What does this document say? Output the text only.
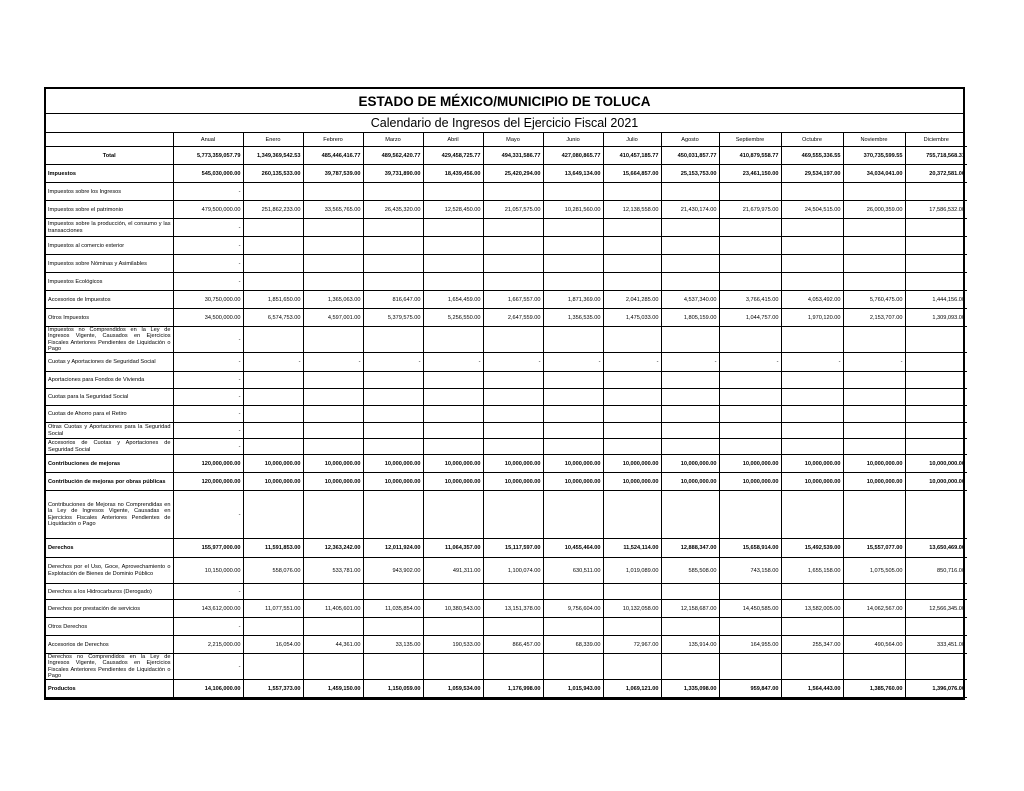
ESTADO DE MÉXICO/MUNICIPIO DE TOLUCA
Calendario de Ingresos del Ejercicio Fiscal 2021
	Anual	Enero	Febrero	Marzo	Abril	Mayo	Junio	Julio	Agosto	Septiembre	Octubre	Noviembre	Diciembre
Total	5,773,359,057.79	1,349,369,542.53	485,446,416.77	489,562,420.77	429,458,725.77	494,331,586.77	427,080,865.77	410,457,185.77	450,031,857.77	410,879,558.77	469,555,336.55	370,735,599.55	755,718,568.31
Impuestos	545,030,000.00	260,135,533.00	39,787,539.00	39,731,890.00	18,439,456.00	25,420,294.00	13,649,134.00	15,664,857.00	25,153,753.00	23,461,150.00	29,534,197.00	34,034,041.00	20,372,581.00
Impuestos sobre los Ingresos	-												
Impuestos sobre el patrimonio	479,500,000.00	251,862,233.00	33,565,765.00	26,435,320.00	12,528,450.00	21,057,575.00	10,281,560.00	12,138,558.00	21,430,174.00	21,679,975.00	24,504,515.00	26,000,359.00	17,586,532.00
Impuestos sobre la producción, el consumo y las transacciones	-												
Impuestos al comercio exterior	-												
Impuestos sobre Nóminas y Asimilables	-												
Impuestos Ecológicos	-												
Accesorios de Impuestos	30,750,000.00	1,851,650.00	1,365,063.00	816,647.00	1,654,459.00	1,667,557.00	1,871,369.00	2,041,285.00	4,537,340.00	3,766,415.00	4,053,492.00	5,760,475.00	1,444,156.00
Otros Impuestos	34,500,000.00	6,574,753.00	4,597,001.00	5,379,575.00	5,256,550.00	2,647,559.00	1,356,535.00	1,475,033.00	1,805,159.00	1,044,757.00	1,970,120.00	2,153,707.00	1,309,093.00
Impuestos no Comprendidos en la Ley de Ingresos Vigente, Causados en Ejercicios Fiscales Anteriores Pendientes de Liquidación o Pago	-												
Cuotas y Aportaciones de Seguridad Social	-	-	-	-	-	-	-	-	-	-	-	-	-
Aportaciones para Fondos de Vivienda	-												
Cuotas para la Seguridad Social	-												
Cuotas de Ahorro para el Retiro	-												
Otras Cuotas y Aportaciones para la Seguridad Social	-												
Accesorios de Cuotas y Aportaciones de Seguridad Social	-												
Contribuciones de mejoras	120,000,000.00	10,000,000.00	10,000,000.00	10,000,000.00	10,000,000.00	10,000,000.00	10,000,000.00	10,000,000.00	10,000,000.00	10,000,000.00	10,000,000.00	10,000,000.00	10,000,000.00
Contribución de mejoras por obras públicas	120,000,000.00	10,000,000.00	10,000,000.00	10,000,000.00	10,000,000.00	10,000,000.00	10,000,000.00	10,000,000.00	10,000,000.00	10,000,000.00	10,000,000.00	10,000,000.00	10,000,000.00
Contribuciones de Mejoras no Comprendidas en la Ley de Ingresos Vigente, Causadas en Ejercicios Fiscales Anteriores Pendientes de Liquidación o Pago	-												
Derechos	155,977,000.00	11,591,853.00	12,363,242.00	12,011,924.00	11,064,357.00	15,117,597.00	10,455,464.00	11,524,114.00	12,888,347.00	15,658,914.00	15,492,539.00	15,557,077.00	13,650,469.00
Derechos por el Uso, Goce, Aprovechamiento o Explotación de Bienes de Dominio Público	10,150,000.00	558,076.00	533,781.00	943,902.00	491,311.00	1,100,074.00	630,511.00	1,019,089.00	585,508.00	743,158.00	1,655,158.00	1,075,505.00	850,716.00
Derechos a los Hidrocarburos (Derogado)	-												
Derechos por prestación de servicios	143,612,000.00	11,077,551.00	11,405,601.00	11,035,854.00	10,380,543.00	13,151,378.00	9,756,604.00	10,132,058.00	12,158,687.00	14,450,585.00	13,582,005.00	14,062,567.00	12,566,345.00
Otros Derechos	-												
Accesorios de Derechos	2,215,000.00	16,054.00	44,361.00	33,135.00	190,533.00	866,457.00	68,339.00	72,967.00	135,914.00	164,955.00	255,347.00	490,564.00	333,451.00
Derechos no Comprendidos en la Ley de Ingresos Vigente, Causados en Ejercicios Fiscales Anteriores Pendientes de Liquidación o Pago	-												
Productos	14,106,000.00	1,557,373.00	1,459,150.00	1,150,059.00	1,059,534.00	1,176,998.00	1,015,943.00	1,069,121.00	1,335,098.00	959,847.00	1,564,443.00	1,385,760.00	1,396,076.00
